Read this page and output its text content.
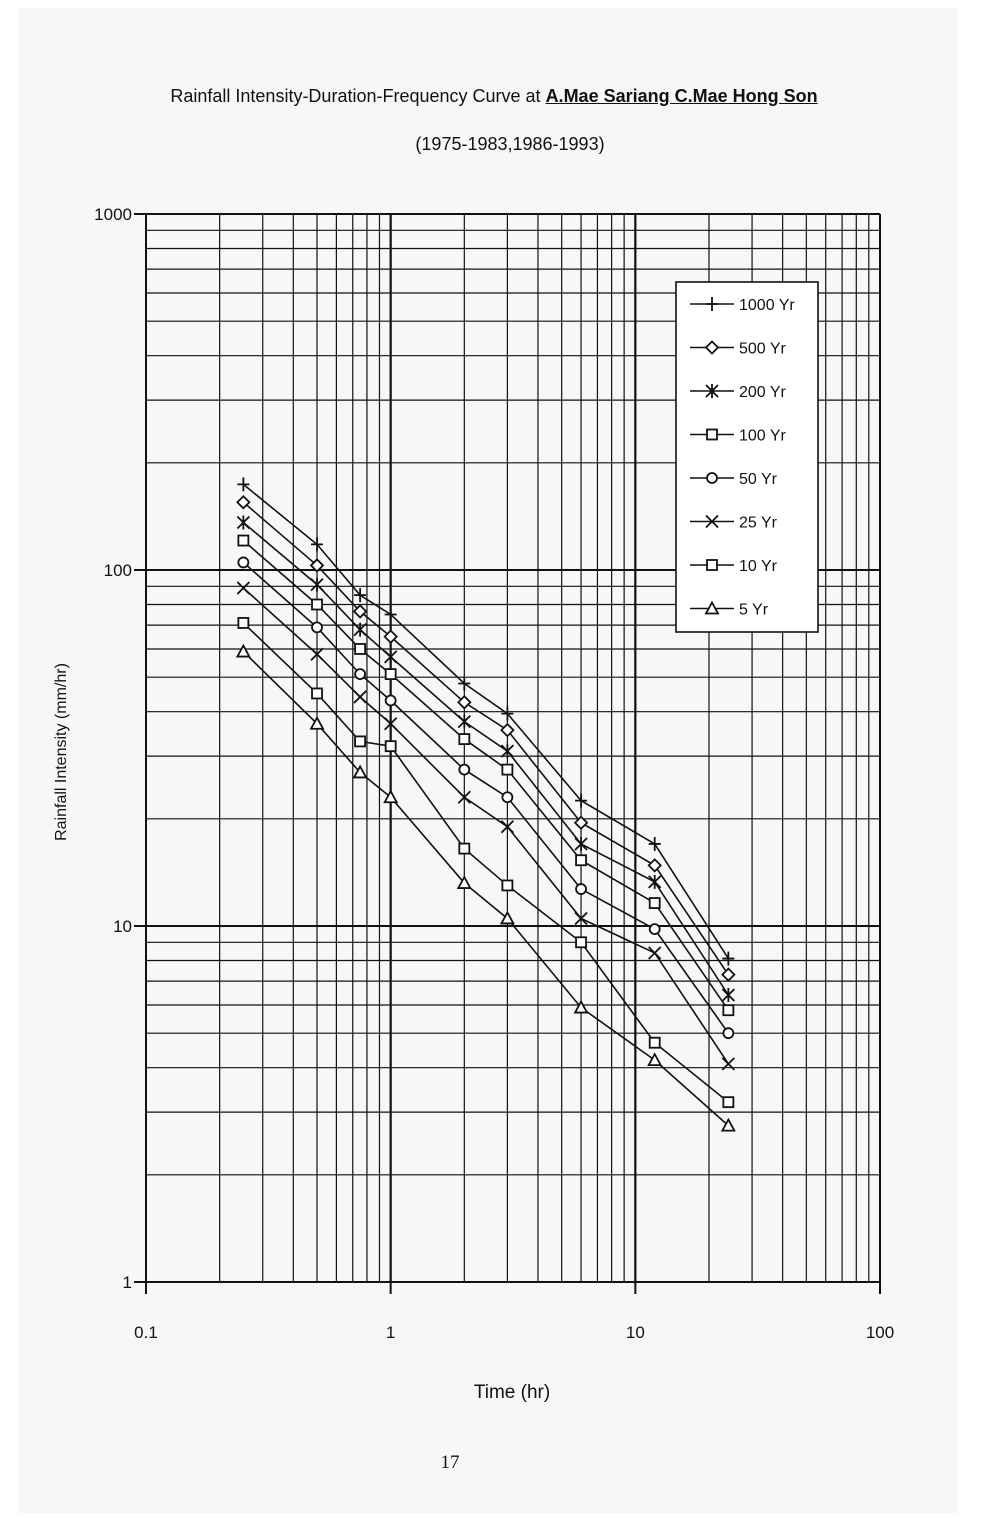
Rainfall Intensity-Duration-Frequency Curve at A.Mae Sariang C.Mae Hong Son
(1975-1983,1986-1993)
0.1	1	10	100
1
10
100
1000
Time (hr)
Rainfall Intensity (mm/hr)
1000 Yr
500 Yr
200 Yr
100 Yr
50 Yr
25 Yr
10 Yr
5 Yr
17
